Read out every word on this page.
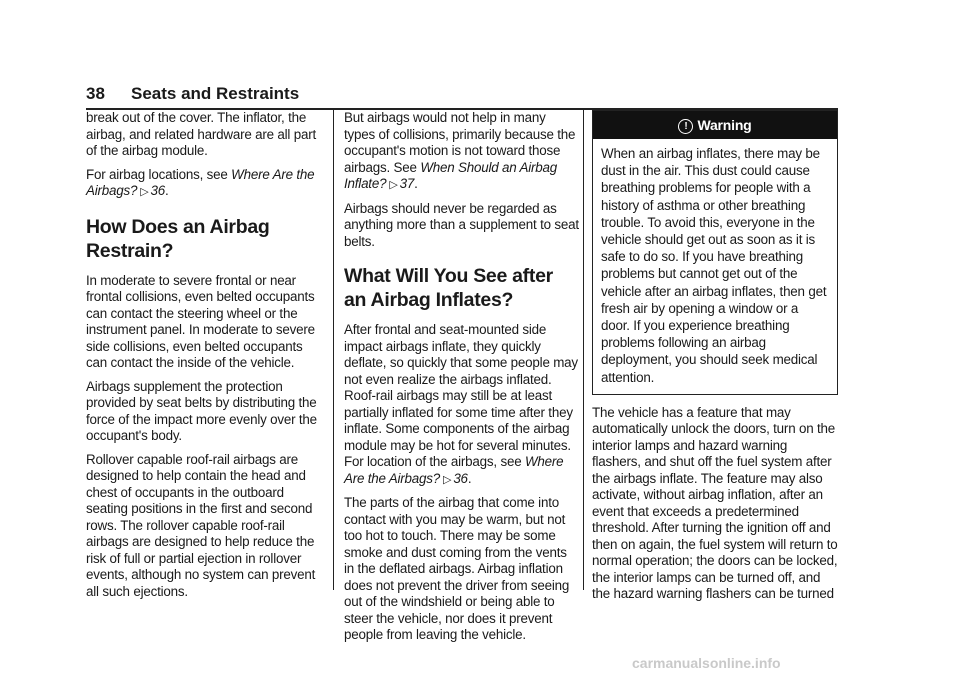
38 Seats and Restraints

break out of the cover. The inflator, the airbag, and related hardware are all part of the airbag module.

For airbag locations, see Where Are the Airbags? ▷ 36.

How Does an Airbag Restrain?

In moderate to severe frontal or near frontal collisions, even belted occupants can contact the steering wheel or the instrument panel. In moderate to severe side collisions, even belted occupants can contact the inside of the vehicle.

Airbags supplement the protection provided by seat belts by distributing the force of the impact more evenly over the occupant's body.

Rollover capable roof-rail airbags are designed to help contain the head and chest of occupants in the outboard seating positions in the first and second rows. The rollover capable roof-rail airbags are designed to help reduce the risk of full or partial ejection in rollover events, although no system can prevent all such ejections.

But airbags would not help in many types of collisions, primarily because the occupant's motion is not toward those airbags. See When Should an Airbag Inflate? ▷ 37.

Airbags should never be regarded as anything more than a supplement to seat belts.

What Will You See after an Airbag Inflates?

After frontal and seat-mounted side impact airbags inflate, they quickly deflate, so quickly that some people may not even realize the airbags inflated. Roof-rail airbags may still be at least partially inflated for some time after they inflate. Some components of the airbag module may be hot for several minutes. For location of the airbags, see Where Are the Airbags? ▷ 36.

The parts of the airbag that come into contact with you may be warm, but not too hot to touch. There may be some smoke and dust coming from the vents in the deflated airbags. Airbag inflation does not prevent the driver from seeing out of the windshield or being able to steer the vehicle, nor does it prevent people from leaving the vehicle.

! Warning
When an airbag inflates, there may be dust in the air. This dust could cause breathing problems for people with a history of asthma or other breathing trouble. To avoid this, everyone in the vehicle should get out as soon as it is safe to do so. If you have breathing problems but cannot get out of the vehicle after an airbag inflates, then get fresh air by opening a window or a door. If you experience breathing problems following an airbag deployment, you should seek medical attention.

The vehicle has a feature that may automatically unlock the doors, turn on the interior lamps and hazard warning flashers, and shut off the fuel system after the airbags inflate. The feature may also activate, without airbag inflation, after an event that exceeds a predetermined threshold. After turning the ignition off and then on again, the fuel system will return to normal operation; the doors can be locked, the interior lamps can be turned off, and the hazard warning flashers can be turned

carmanualsonline.info
